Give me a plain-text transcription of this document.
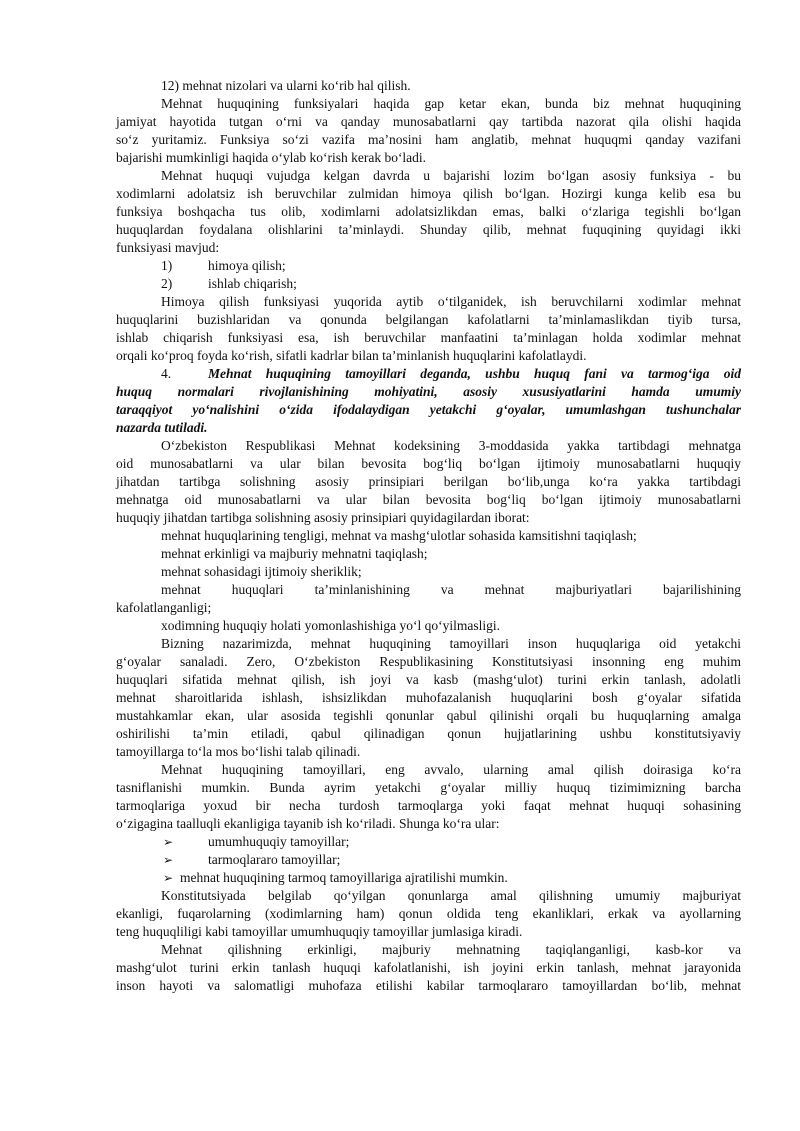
12) mehnat nizolari va ularni ko‘rib hal qilish.
Mehnat huquqining funksiyalari haqida gap ketar ekan, bunda biz mehnat huquqining
jamiyat hayotida tutgan o‘rni va qanday munosabatlarni qay tartibda nazorat qila olishi haqida
so‘z yuritamiz. Funksiya so‘zi vazifa ma’nosini ham anglatib, mehnat huquqmi qanday vazifani
bajarishi mumkinligi haqida o‘ylab ko‘rish kerak bo‘ladi.
Mehnat huquqi vujudga kelgan davrda u bajarishi lozim bo‘lgan asosiy funksiya - bu
xodimlarni adolatsiz ish beruvchilar zulmidan himoya qilish bo‘lgan. Hozirgi kunga kelib esa bu
funksiya boshqacha tus olib, xodimlarni adolatsizlikdan emas, balki o‘zlariga tegishli bo‘lgan
huquqlardan foydalana olishlarini ta’minlaydi. Shunday qilib, mehnat fuquqining quyidagi ikki
funksiyasi mavjud:
1)	himoya qilish;
2)	ishlab chiqarish;
Himoya qilish funksiyasi yuqorida aytib o‘tilganidek, ish beruvchilarni xodimlar mehnat
huquqlarini buzishlaridan va qonunda belgilangan kafolatlarni ta’minlamaslikdan tiyib tursa,
ishlab chiqarish funksiyasi esa, ish beruvchilar manfaatini ta’minlagan holda xodimlar mehnat
orqali ko‘proq foyda ko‘rish, sifatli kadrlar bilan ta’minlanish huquqlarini kafolatlaydi.
4.	Mehnat huquqining tamoyillari deganda, ushbu huquq fani va tarmog‘iga oid
huquq normalari rivojlanishining mohiyatini, asosiy xususiyatlarini hamda umumiy
taraqqiyot yo‘nalishini o‘zida ifodalaydigan yetakchi g‘oyalar, umumlashgan tushunchalar
nazarda tutiladi.
O‘zbekiston Respublikasi Mehnat kodeksining 3-moddasida yakka tartibdagi mehnatga
oid munosabatlarni va ular bilan bevosita bog‘liq bo‘lgan ijtimoiy munosabatlarni huquqiy
jihatdan tartibga solishning asosiy prinsipiari berilgan bo‘lib,unga ko‘ra yakka tartibdagi
mehnatga oid munosabatlarni va ular bilan bevosita bog‘liq bo‘lgan ijtimoiy munosabatlarni
huquqiy jihatdan tartibga solishning asosiy prinsipiari quyidagilardan iborat:
mehnat huquqlarining tengligi, mehnat va mashg‘ulotlar sohasida kamsitishni taqiqlash;
mehnat erkinligi va majburiy mehnatni taqiqlash;
mehnat sohasidagi ijtimoiy sheriklik;
mehnat huquqlari ta’minlanishining va mehnat majburiyatlari bajarilishining
kafolatlanganligi;
xodimning huquqiy holati yomonlashishiga yo‘l qo‘yilmasligi.
Bizning nazarimizda, mehnat huquqining tamoyillari inson huquqlariga oid yetakchi
g‘oyalar sanaladi. Zero, O‘zbekiston Respublikasining Konstitutsiyasi insonning eng muhim
huquqlari sifatida mehnat qilish, ish joyi va kasb (mashg‘ulot) turini erkin tanlash, adolatli
mehnat sharoitlarida ishlash, ishsizlikdan muhofazalanish huquqlarini bosh g‘oyalar sifatida
mustahkamlar ekan, ular asosida tegishli qonunlar qabul qilinishi orqali bu huquqlarning amalga
oshirilishi ta’min etiladi, qabul qilinadigan qonun hujjatlarining ushbu konstitutsiyaviy
tamoyillarga to‘la mos bo‘lishi talab qilinadi.
Mehnat huquqining tamoyillari, eng avvalo, ularning amal qilish doirasiga ko‘ra
tasniflanishi mumkin. Bunda ayrim yetakchi g‘oyalar milliy huquq tizimimizning barcha
tarmoqlariga yoxud bir necha turdosh tarmoqlarga yoki faqat mehnat huquqi sohasining
o‘zigagina taalluqli ekanligiga tayanib ish ko‘riladi. Shunga ko‘ra ular:
➢	umumhuquqiy tamoyillar;
➢	tarmoqlararo tamoyillar;
➢ mehnat huquqining tarmoq tamoyillariga ajratilishi mumkin.
Konstitutsiyada belgilab qo‘yilgan qonunlarga amal qilishning umumiy majburiyat
ekanligi, fuqarolarning (xodimlarning ham) qonun oldida teng ekanliklari, erkak va ayollarning
teng huquqliligi kabi tamoyillar umumhuquqiy tamoyillar jumlasiga kiradi.
Mehnat qilishning erkinligi, majburiy mehnatning taqiqlanganligi, kasb-kor va
mashg‘ulot turini erkin tanlash huquqi kafolatlanishi, ish joyini erkin tanlash, mehnat jarayonida
inson hayoti va salomatligi muhofaza etilishi kabilar tarmoqlararo tamoyillardan bo‘lib, mehnat
